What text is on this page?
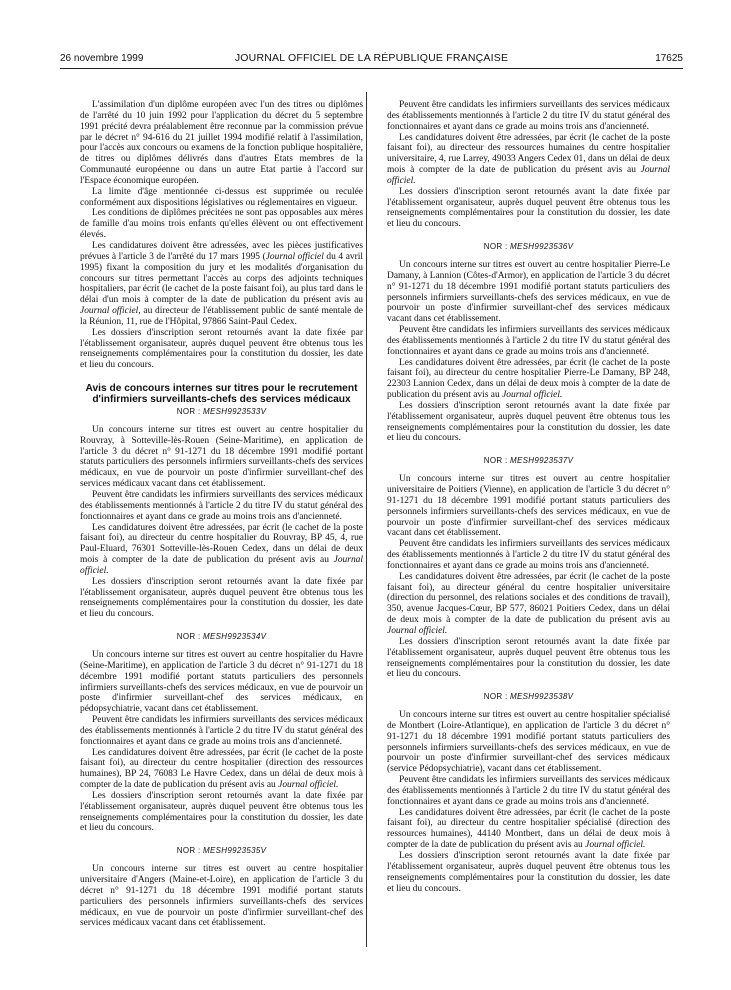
26 novembre 1999	JOURNAL OFFICIEL DE LA RÉPUBLIQUE FRANÇAISE	17625

L'assimilation d'un diplôme européen avec l'un des titres ou diplômes de l'arrêté du 10 juin 1992 pour l'application du décret du 5 septembre 1991 précité devra préalablement être reconnue par la commission prévue par le décret n° 94-616 du 21 juillet 1994 modifié relatif à l'assimilation, pour l'accès aux concours ou examens de la fonction publique hospitalière, de titres ou diplômes délivrés dans d'autres Etats membres de la Communauté européenne ou dans un autre Etat partie à l'accord sur l'Espace économique européen.

La limite d'âge mentionnée ci-dessus est supprimée ou reculée conformément aux dispositions législatives ou réglementaires en vigueur.

Les conditions de diplômes précitées ne sont pas opposables aux mères de famille d'au moins trois enfants qu'elles élèvent ou ont effectivement élevés.

Les candidatures doivent être adressées, avec les pièces justificatives prévues à l'article 3 de l'arrêté du 17 mars 1995 (Journal officiel du 4 avril 1995) fixant la composition du jury et les modalités d'organisation du concours sur titres permettant l'accès au corps des adjoints techniques hospitaliers, par écrit (le cachet de la poste faisant foi), au plus tard dans le délai d'un mois à compter de la date de publication du présent avis au Journal officiel, au directeur de l'établissement public de santé mentale de la Réunion, 11, rue de l'Hôpital, 97866 Saint-Paul Cedex.

Les dossiers d'inscription seront retournés avant la date fixée par l'établissement organisateur, auprès duquel peuvent être obtenus tous les renseignements complémentaires pour la constitution du dossier, les date et lieu du concours.

Avis de concours internes sur titres pour le recrutement d'infirmiers surveillants-chefs des services médicaux
NOR : MESH9923533V

Un concours interne sur titres est ouvert au centre hospitalier du Rouvray, à Sotteville-lès-Rouen (Seine-Maritime), en application de l'article 3 du décret n° 91-1271 du 18 décembre 1991 modifié portant statuts particuliers des personnels infirmiers surveillants-chefs des services médicaux, en vue de pourvoir un poste d'infirmier surveillant-chef des services médicaux vacant dans cet établissement.

Peuvent être candidats les infirmiers surveillants des services médicaux des établissements mentionnés à l'article 2 du titre IV du statut général des fonctionnaires et ayant dans ce grade au moins trois ans d'ancienneté.

Les candidatures doivent être adressées, par écrit (le cachet de la poste faisant foi), au directeur du centre hospitalier du Rouvray, BP 45, 4, rue Paul-Eluard, 76301 Sotteville-lès-Rouen Cedex, dans un délai de deux mois à compter de la date de publication du présent avis au Journal officiel.

Les dossiers d'inscription seront retournés avant la date fixée par l'établissement organisateur, auprès duquel peuvent être obtenus tous les renseignements complémentaires pour la constitution du dossier, les date et lieu du concours.

NOR : MESH9923534V

Un concours interne sur titres est ouvert au centre hospitalier du Havre (Seine-Maritime), en application de l'article 3 du décret n° 91-1271 du 18 décembre 1991 modifié portant statuts particuliers des personnels infirmiers surveillants-chefs des services médicaux, en vue de pourvoir un poste d'infirmier surveillant-chef des services médicaux, en pédopsychiatrie, vacant dans cet établissement.

Peuvent être candidats les infirmiers surveillants des services médicaux des établissements mentionnés à l'article 2 du titre IV du statut général des fonctionnaires et ayant dans ce grade au moins trois ans d'ancienneté.

Les candidatures doivent être adressées, par écrit (le cachet de la poste faisant foi), au directeur du centre hospitalier (direction des ressources humaines), BP 24, 76083 Le Havre Cedex, dans un délai de deux mois à compter de la date de publication du présent avis au Journal officiel.

Les dossiers d'inscription seront retournés avant la date fixée par l'établissement organisateur, auprès duquel peuvent être obtenus tous les renseignements complémentaires pour la constitution du dossier, les date et lieu du concours.

NOR : MESH9923535V

Un concours interne sur titres est ouvert au centre hospitalier universitaire d'Angers (Maine-et-Loire), en application de l'article 3 du décret n° 91-1271 du 18 décembre 1991 modifié portant statuts particuliers des personnels infirmiers surveillants-chefs des services médicaux, en vue de pourvoir un poste d'infirmier surveillant-chef des services médicaux vacant dans cet établissement.

Peuvent être candidats les infirmiers surveillants des services médicaux des établissements mentionnés à l'article 2 du titre IV du statut général des fonctionnaires et ayant dans ce grade au moins trois ans d'ancienneté.

Les candidatures doivent être adressées, par écrit (le cachet de la poste faisant foi), au directeur des ressources humaines du centre hospitalier universitaire, 4, rue Larrey, 49033 Angers Cedex 01, dans un délai de deux mois à compter de la date de publication du présent avis au Journal officiel.

Les dossiers d'inscription seront retournés avant la date fixée par l'établissement organisateur, auprès duquel peuvent être obtenus tous les renseignements complémentaires pour la constitution du dossier, les date et lieu du concours.

NOR : MESH9923536V

Un concours interne sur titres est ouvert au centre hospitalier Pierre-Le Damany, à Lannion (Côtes-d'Armor), en application de l'article 3 du décret n° 91-1271 du 18 décembre 1991 modifié portant statuts particuliers des personnels infirmiers surveillants-chefs des services médicaux, en vue de pourvoir un poste d'infirmier surveillant-chef des services médicaux vacant dans cet établissement.

Peuvent être candidats les infirmiers surveillants des services médicaux des établissements mentionnés à l'article 2 du titre IV du statut général des fonctionnaires et ayant dans ce grade au moins trois ans d'ancienneté.

Les candidatures doivent être adressées, par écrit (le cachet de la poste faisant foi), au directeur du centre hospitalier Pierre-Le Damany, BP 248, 22303 Lannion Cedex, dans un délai de deux mois à compter de la date de publication du présent avis au Journal officiel.

Les dossiers d'inscription seront retournés avant la date fixée par l'établissement organisateur, auprès duquel peuvent être obtenus tous les renseignements complémentaires pour la constitution du dossier, les date et lieu du concours.

NOR : MESH9923537V

Un concours interne sur titres est ouvert au centre hospitalier universitaire de Poitiers (Vienne), en application de l'article 3 du décret n° 91-1271 du 18 décembre 1991 modifié portant statuts particuliers des personnels infirmiers surveillants-chefs des services médicaux, en vue de pourvoir un poste d'infirmier surveillant-chef des services médicaux vacant dans cet établissement.

Peuvent être candidats les infirmiers surveillants des services médicaux des établissements mentionnés à l'article 2 du titre IV du statut général des fonctionnaires et ayant dans ce grade au moins trois ans d'ancienneté.

Les candidatures doivent être adressées, par écrit (le cachet de la poste faisant foi), au directeur général du centre hospitalier universitaire (direction du personnel, des relations sociales et des conditions de travail), 350, avenue Jacques-Cœur, BP 577, 86021 Poitiers Cedex, dans un délai de deux mois à compter de la date de publication du présent avis au Journal officiel.

Les dossiers d'inscription seront retournés avant la date fixée par l'établissement organisateur, auprès duquel peuvent être obtenus tous les renseignements complémentaires pour la constitution du dossier, les date et lieu du concours.

NOR : MESH9923538V

Un concours interne sur titres est ouvert au centre hospitalier spécialisé de Montbert (Loire-Atlantique), en application de l'article 3 du décret n° 91-1271 du 18 décembre 1991 modifié portant statuts particuliers des personnels infirmiers surveillants-chefs des services médicaux, en vue de pourvoir un poste d'infirmier surveillant-chef des services médicaux (service Pédopsychiatrie), vacant dans cet établissement.

Peuvent être candidats les infirmiers surveillants des services médicaux des établissements mentionnés à l'article 2 du titre IV du statut général des fonctionnaires et ayant dans ce grade au moins trois ans d'ancienneté.

Les candidatures doivent être adressées, par écrit (le cachet de la poste faisant foi), au directeur du centre hospitalier spécialisé (direction des ressources humaines), 44140 Montbert, dans un délai de deux mois à compter de la date de publication du présent avis au Journal officiel.

Les dossiers d'inscription seront retournés avant la date fixée par l'établissement organisateur, auprès duquel peuvent être obtenus tous les renseignements complémentaires pour la constitution du dossier, les date et lieu du concours.
